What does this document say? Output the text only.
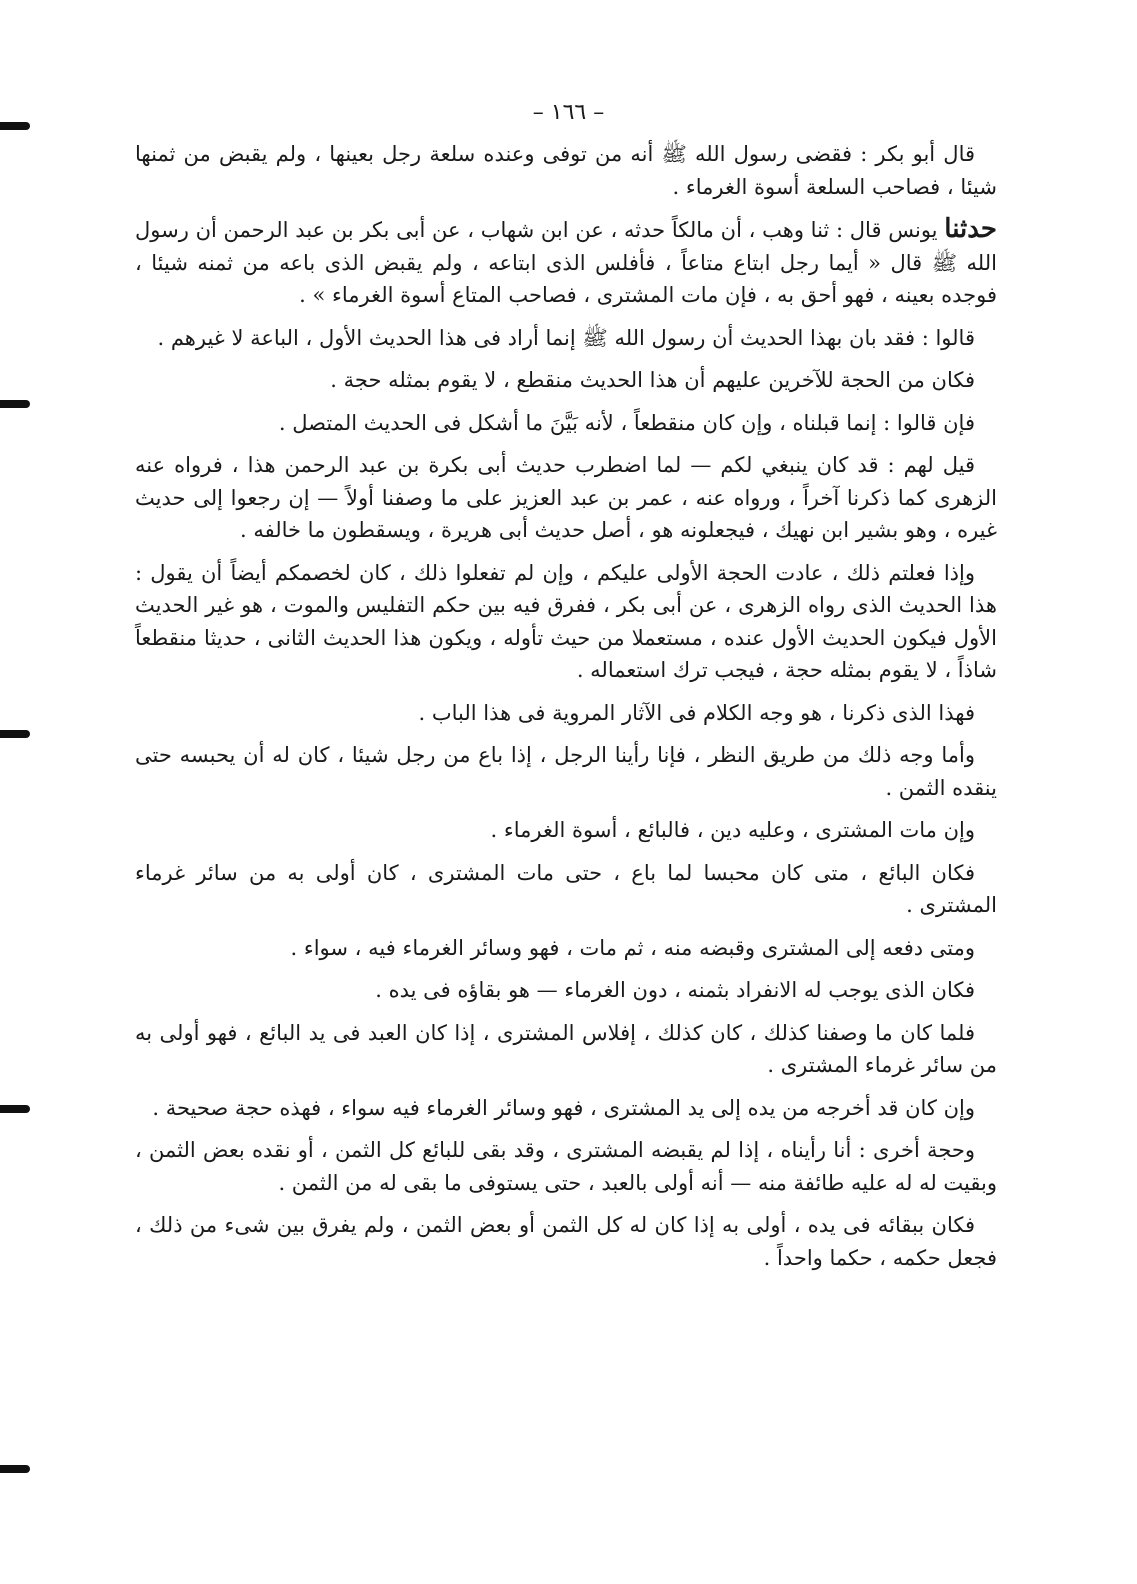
– ١٦٦ –

قال أبو بكر : فقضى رسول الله ﷺ أنه من توفى وعنده سلعة رجل بعينها ، ولم يقبض من ثمنها شيئا ، فصاحب السلعة أسوة الغرماء .

حدثنا يونس قال : ثنا وهب ، أن مالكاً حدثه ، عن ابن شهاب ، عن أبى بكر بن عبد الرحمن أن رسول الله ﷺ قال « أيما رجل ابتاع متاعاً ، فأفلس الذى ابتاعه ، ولم يقبض الذى باعه من ثمنه شيئا ، فوجده بعينه ، فهو أحق به ، فإن مات المشترى ، فصاحب المتاع أسوة الغرماء » .

قالوا : فقد بان بهذا الحديث أن رسول الله ﷺ إنما أراد فى هذا الحديث الأول ، الباعة لا غيرهم .

فكان من الحجة للآخرين عليهم أن هذا الحديث منقطع ، لا يقوم بمثله حجة .

فإن قالوا : إنما قبلناه ، وإن كان منقطعاً ، لأنه بَيَّنَ ما أشكل فى الحديث المتصل .

قيل لهم : قد كان ينبغي لكم — لما اضطرب حديث أبى بكرة بن عبد الرحمن هذا ، فرواه عنه الزهرى كما ذكرنا آخراً ، ورواه عنه ، عمر بن عبد العزيز على ما وصفنا أولاً — إن رجعوا إلى حديث غيره ، وهو بشير ابن نهيك ، فيجعلونه هو ، أصل حديث أبى هريرة ، ويسقطون ما خالفه .

وإذا فعلتم ذلك ، عادت الحجة الأولى عليكم ، وإن لم تفعلوا ذلك ، كان لخصمكم أيضاً أن يقول : هذا الحديث الذى رواه الزهرى ، عن أبى بكر ، ففرق فيه بين حكم التفليس والموت ، هو غير الحديث الأول فيكون الحديث الأول عنده ، مستعملا من حيث تأوله ، ويكون هذا الحديث الثانى ، حديثا منقطعاً شاذاً ، لا يقوم بمثله حجة ، فيجب ترك استعماله .

فهذا الذى ذكرنا ، هو وجه الكلام فى الآثار المروية فى هذا الباب .

وأما وجه ذلك من طريق النظر ، فإنا رأينا الرجل ، إذا باع من رجل شيئا ، كان له أن يحبسه حتى ينقده الثمن .

وإن مات المشترى ، وعليه دين ، فالبائع ، أسوة الغرماء .

فكان البائع ، متى كان محبسا لما باع ، حتى مات المشترى ، كان أولى به من سائر غرماء المشترى .

ومتى دفعه إلى المشترى وقبضه منه ، ثم مات ، فهو وسائر الغرماء فيه ، سواء .

فكان الذى يوجب له الانفراد بثمنه ، دون الغرماء — هو بقاؤه فى يده .

فلما كان ما وصفنا كذلك ، كان كذلك ، إفلاس المشترى ، إذا كان العبد فى يد البائع ، فهو أولى به من سائر غرماء المشترى .

وإن كان قد أخرجه من يده إلى يد المشترى ، فهو وسائر الغرماء فيه سواء ، فهذه حجة صحيحة .

وحجة أخرى : أنا رأيناه ، إذا لم يقبضه المشترى ، وقد بقى للبائع كل الثمن ، أو نقده بعض الثمن ، وبقيت له له عليه طائفة منه — أنه أولى بالعبد ، حتى يستوفى ما بقى له من الثمن .

فكان ببقائه فى يده ، أولى به إذا كان له كل الثمن أو بعض الثمن ، ولم يفرق بين شىء من ذلك ، فجعل حكمه ، حكما واحداً .
